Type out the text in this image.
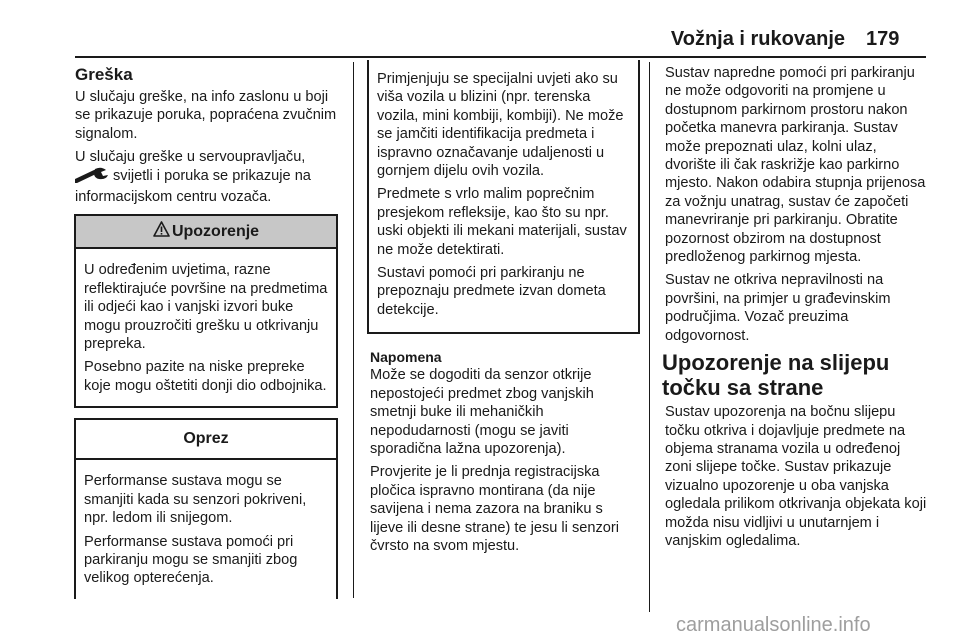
Vožnja i rukovanje 179
Greška

U slučaju greške, na info zaslonu u boji se prikazuje poruka, popraćena zvučnim signalom.

U slučaju greške u servoupravljaču,
svijetli i poruka se prikazuje na informacijskom centru vozača.

Upozorenje

U određenim uvjetima, razne reflektirajuće površine na predmetima ili odjeći kao i vanjski izvori buke mogu prouzročiti grešku u otkrivanju prepreka.

Posebno pazite na niske prepreke koje mogu oštetiti donji dio odbojnika.

Oprez

Performanse sustava mogu se smanjiti kada su senzori pokriveni, npr. ledom ili snijegom.

Performanse sustava pomoći pri parkiranju mogu se smanjiti zbog velikog opterećenja.

Primjenjuju se specijalni uvjeti ako su viša vozila u blizini (npr. terenska vozila, mini kombiji, kombiji). Ne može se jamčiti identifikacija predmeta i ispravno označavanje udaljenosti u gornjem dijelu ovih vozila.

Predmete s vrlo malim poprečnim presjekom refleksije, kao što su npr. uski objekti ili mekani materijali, sustav ne može detektirati.

Sustavi pomoći pri parkiranju ne prepoznaju predmete izvan dometa detekcije.

Napomena

Može se dogoditi da senzor otkrije nepostojeći predmet zbog vanjskih smetnji buke ili mehaničkih nepodudarnosti (mogu se javiti sporadična lažna upozorenja).

Provjerite je li prednja registracijska pločica ispravno montirana (da nije savijena i nema zazora na braniku s lijeve ili desne strane) te jesu li senzori čvrsto na svom mjestu.

Sustav napredne pomoći pri parkiranju ne može odgovoriti na promjene u dostupnom parkirnom prostoru nakon početka manevra parkiranja. Sustav može prepoznati ulaz, kolni ulaz, dvorište ili čak raskrižje kao parkirno mjesto. Nakon odabira stupnja prijenosa za vožnju unatrag, sustav će započeti manevriranje pri parkiranju. Obratite pozornost obzirom na dostupnost predloženog parkirnog mjesta.

Sustav ne otkriva nepravilnosti na površini, na primjer u građevinskim područjima. Vozač preuzima odgovornost.

Upozorenje na slijepu točku sa strane

Sustav upozorenja na bočnu slijepu točku otkriva i dojavljuje predmete na objema stranama vozila u određenoj zoni slijepe točke. Sustav prikazuje vizualno upozorenje u oba vanjska ogledala prilikom otkrivanja objekata koji možda nisu vidljivi u unutarnjem i vanjskim ogledalima.

carmanualsonline.info
